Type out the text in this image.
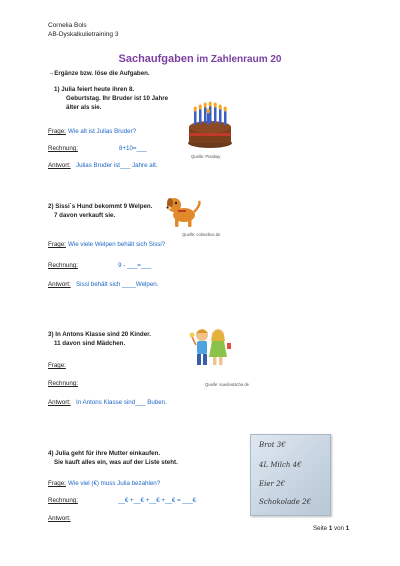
Cornelia Bols
AB-Dyskalkulietraining 3
Sachaufgaben im Zahlenraum 20
→Ergänze bzw. löse die Aufgaben.
1) Julia feiert heute ihren 8.
Geburtstag. Ihr Bruder ist 10 Jahre
älter als sie.
Quelle: Pixabay
Frage: Wie alt ist Julias Bruder?
Rechnung:	8+10=___
Antwort: Julias Bruder ist___ Jahre alt.
2) Sissi´s Hund bekommt 9 Welpen.
7 davon verkauft sie.
Quelle: colourbox.de
Frage: Wie viele Welpen behält sich Sissi?
Rechnung:	9 - ___=___
Antwort: Sissi behält sich ____Welpen.
3) In Antons Klasse sind 20 Kinder.
11 davon sind Mädchen.
Quelle: suedeutsche.de
Frage:
Rechnung:
Antwort: In Antons Klasse sind___ Buben.
4) Julia geht für ihre Mutter einkaufen.
Sie kauft alles ein, was auf der Liste steht.
Brot 3€
4L Milch 4€
Eier 2€
Schokolade 2€
Frage: Wie viel (€) muss Julia bezahlen?
Rechnung:	__€ +__€ +__€ +__€ = ___€
Antwort:
Seite 1 von 1
